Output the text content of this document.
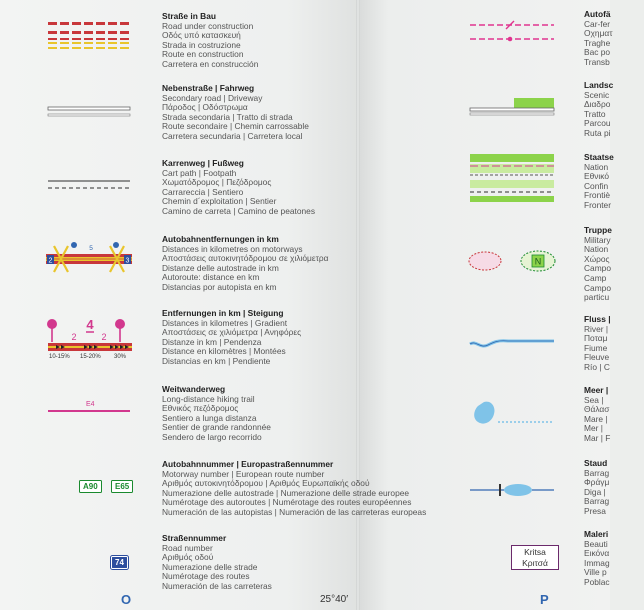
2	3
5
4
2	2
10-15% 15-20% 30%
E4
A90	E65
74
Straße in Bau
Road under construction
Οδός υπό κατασκευή
Strada in costruzione
Route en construction
Carretera en construcción
Nebenstraße | Fahrweg
Secondary road | Driveway
Πάροδος | Οδόστρωμα
Strada secondaria | Tratto di strada
Route secondaire | Chemin carrossable
Carretera secundaria | Carretera local
Karrenweg | Fußweg
Cart path | Footpath
Χωματόδρομος | Πεζόδρομος
Carrareccia | Sentiero
Chemin d´exploitation | Sentier
Camino de carreta | Camino de peatones
Autobahnentfernungen in km
Distances in kilometres on motorways
Αποστάσεις αυτοκινητόδρομου σε χιλιόμετρα
Distanze delle autostrade in km
Autoroute: distance en km
Distancias por autopista en km
Entfernungen in km | Steigung
Distances in kilometres | Gradient
Αποστάσεις σε χιλιόμετρα | Ανηφόρες
Distanze in km | Pendenza
Distance en kilomètres | Montées
Distancias en km | Pendiente
Weitwanderweg
Long-distance hiking trail
Εθνικός πεζόδρομος
Sentiero a lunga distanza
Sentier de grande randonnée
Sendero de largo recorrido
Autobahnnummer | Europastraßennummer
Motorway number | European route number
Αριθμός αυτοκινητόδρομου | Αριθμός Ευρωπαϊκής οδού
Numerazione delle autostrade | Numerazione delle strade europee
Numérotage des autoroutes | Numérotage des routes européennes
Numeración de las autopistas | Numeración de las carreteras europeas
Straßennummer
Road number
Αριθμός οδού
Numerazione delle strade
Numérotage des routes
Numeración de las carreteras
N
Kritsa
Κριτσά
Autofä
Car-fer
Οχηματ
Traghe
Bac po
Transb
Landsc
Scenic
Διαδρο
Tratto
Parcou
Ruta pi
Staatse
Nation
Εθνικό
Confin
Frontiè
Fronter
Truppe
Military
Nation
Χώρος
Campo
Camp
Campo
particu
Fluss |
River |
Ποταμ
Fiume
Fleuve
Río | C
Meer |
Sea |
Θάλασ
Mare |
Mer |
Mar | F
Staud
Barrag
Φράγμ
Diga |
Barrag
Presa
Maleri
Beauti
Εικόνα
Immag
Ville p
Poblac
O	25°40′	P
